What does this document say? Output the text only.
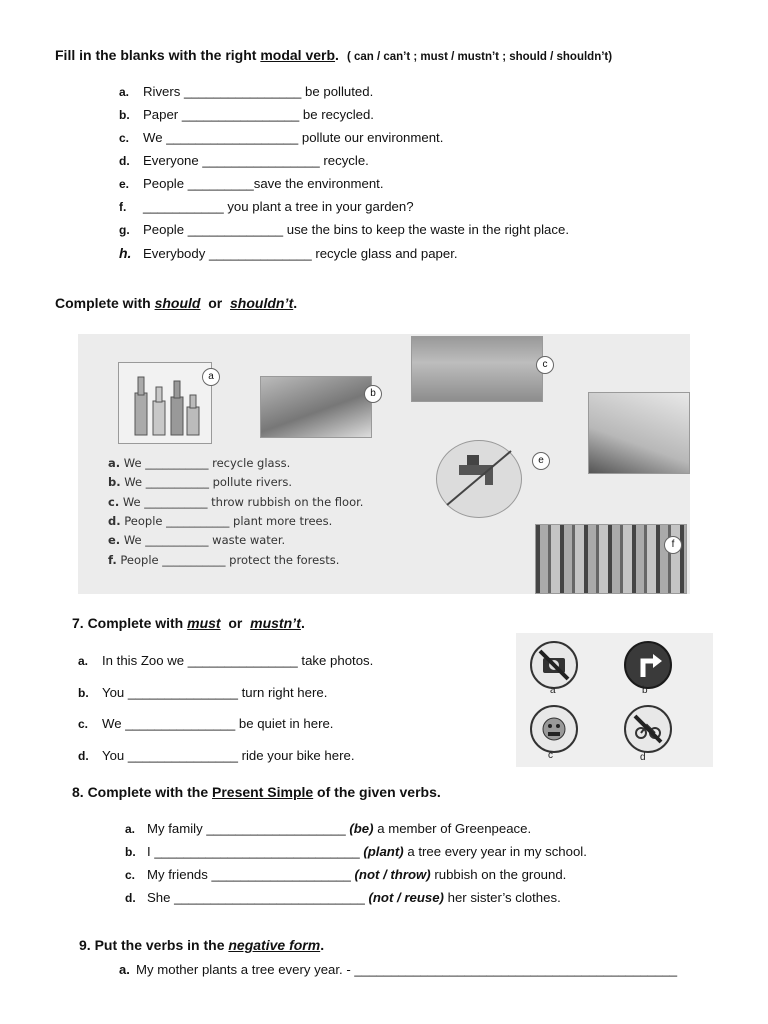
Fill in the blanks with the right modal verb. ( can / can’t ; must / mustn’t ; should / shouldn’t)
a. Rivers ________________ be polluted.
b. Paper ________________ be recycled.
c. We __________________ pollute our environment.
d. Everyone ________________ recycle.
e. People _________save the environment.
f. ___________ you plant a tree in your garden?
g. People _____________ use the bins to keep the waste in the right place.
h. Everybody ______________ recycle glass and paper.
Complete with should  or  shouldn’t.
a
b
c
e
f
a. We ___________ recycle glass.
b. We ___________ pollute rivers.
c. We ___________ throw rubbish on the floor.
d. People ___________ plant more trees.
e. We ___________ waste water.
f. People ___________ protect the forests.
7. Complete with must  or  mustn’t.
a. In this Zoo we _______________ take photos.
b. You _______________ turn right here.
c. We _______________ be quiet in here.
d. You _______________ ride your bike here.
a	b
c	d
8. Complete with the Present Simple of the given verbs.
a. My family ___________________ (be) a member of Greenpeace.
b. I ____________________________ (plant) a tree every year in my school.
c. My friends ___________________ (not / throw) rubbish on the ground.
d. She __________________________ (not / reuse) her sister’s clothes.
9. Put the verbs in the negative form.
a. My mother plants a tree every year. - ____________________________________________
